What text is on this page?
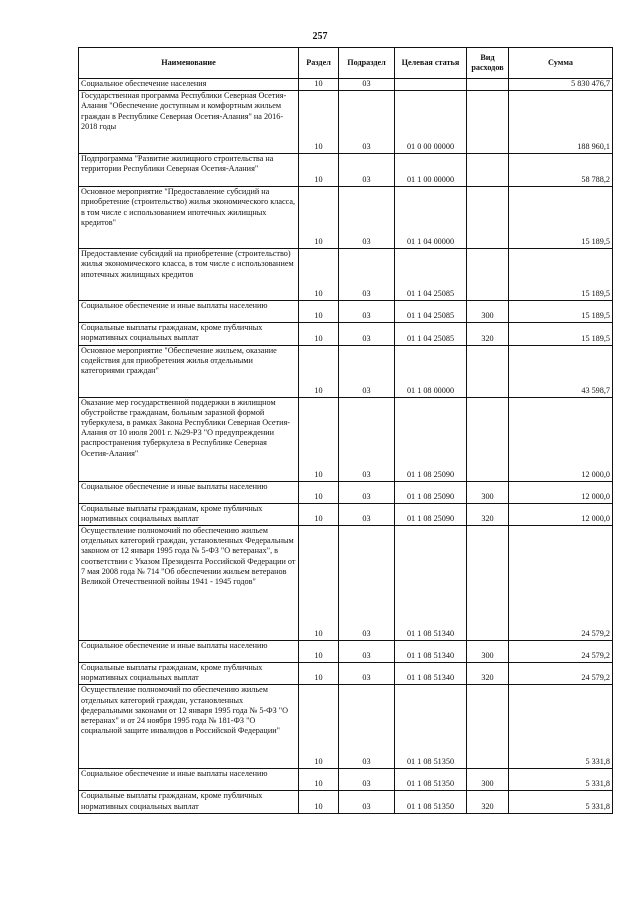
257
Наименование	Раздел	Подраздел	Целевая статья	Вид расходов	Сумма
Социальное обеспечение населения	10	03			5 830 476,7
Государственная программа Республики Северная Осетия-Алания "Обеспечение доступным и комфортным жильем граждан в Республике Северная Осетия-Алания" на 2016-2018 годы	10	03	01 0 00 00000		188 960,1
Подпрограмма "Развитие жилищного строительства на территории Республики Северная Осетия-Алания"	10	03	01 1 00 00000		58 788,2
Основное мероприятие "Предоставление субсидий на приобретение (строительство) жилья экономического класса, в том числе с использованием ипотечных жилищных кредитов"	10	03	01 1 04 00000		15 189,5
Предоставление субсидий на приобретение (строительство) жилья экономического класса, в том числе с использованием ипотечных жилищных кредитов	10	03	01 1 04 25085		15 189,5
Социальное обеспечение и иные выплаты населению	10	03	01 1 04 25085	300	15 189,5
Социальные выплаты гражданам, кроме публичных нормативных социальных выплат	10	03	01 1 04 25085	320	15 189,5
Основное мероприятие "Обеспечение жильем, оказание содействия для приобретения жилья отдельными категориями граждан"	10	03	01 1 08 00000		43 598,7
Оказание мер государственной поддержки в жилищном обустройстве гражданам, больным заразной формой туберкулеза, в рамках Закона Республики Северная Осетия-Алания от 10 июля 2001 г. №29-РЗ "О предупреждении распространения туберкулеза в Республике Северная Осетия-Алания"	10	03	01 1 08 25090		12 000,0
Социальное обеспечение и иные выплаты населению	10	03	01 1 08 25090	300	12 000,0
Социальные выплаты гражданам, кроме публичных нормативных социальных выплат	10	03	01 1 08 25090	320	12 000,0
Осуществление полномочий по обеспечению жильем отдельных категорий граждан, установленных Федеральным законом от 12 января 1995 года № 5-ФЗ "О ветеранах", в соответствии с Указом Президента Российской Федерации от 7 мая 2008 года № 714 "Об обеспечении жильем ветеранов Великой Отечественной войны 1941 - 1945 годов"	10	03	01 1 08 51340		24 579,2
Социальное обеспечение и иные выплаты населению	10	03	01 1 08 51340	300	24 579,2
Социальные выплаты гражданам, кроме публичных нормативных социальных выплат	10	03	01 1 08 51340	320	24 579,2
Осуществление полномочий по обеспечению жильем отдельных категорий граждан, установленных федеральными законами от 12 января 1995 года № 5-ФЗ "О ветеранах" и от 24 ноября 1995 года № 181-ФЗ "О социальной защите инвалидов в Российской Федерации"	10	03	01 1 08 51350		5 331,8
Социальное обеспечение и иные выплаты населению	10	03	01 1 08 51350	300	5 331,8
Социальные выплаты гражданам, кроме публичных нормативных социальных выплат	10	03	01 1 08 51350	320	5 331,8
